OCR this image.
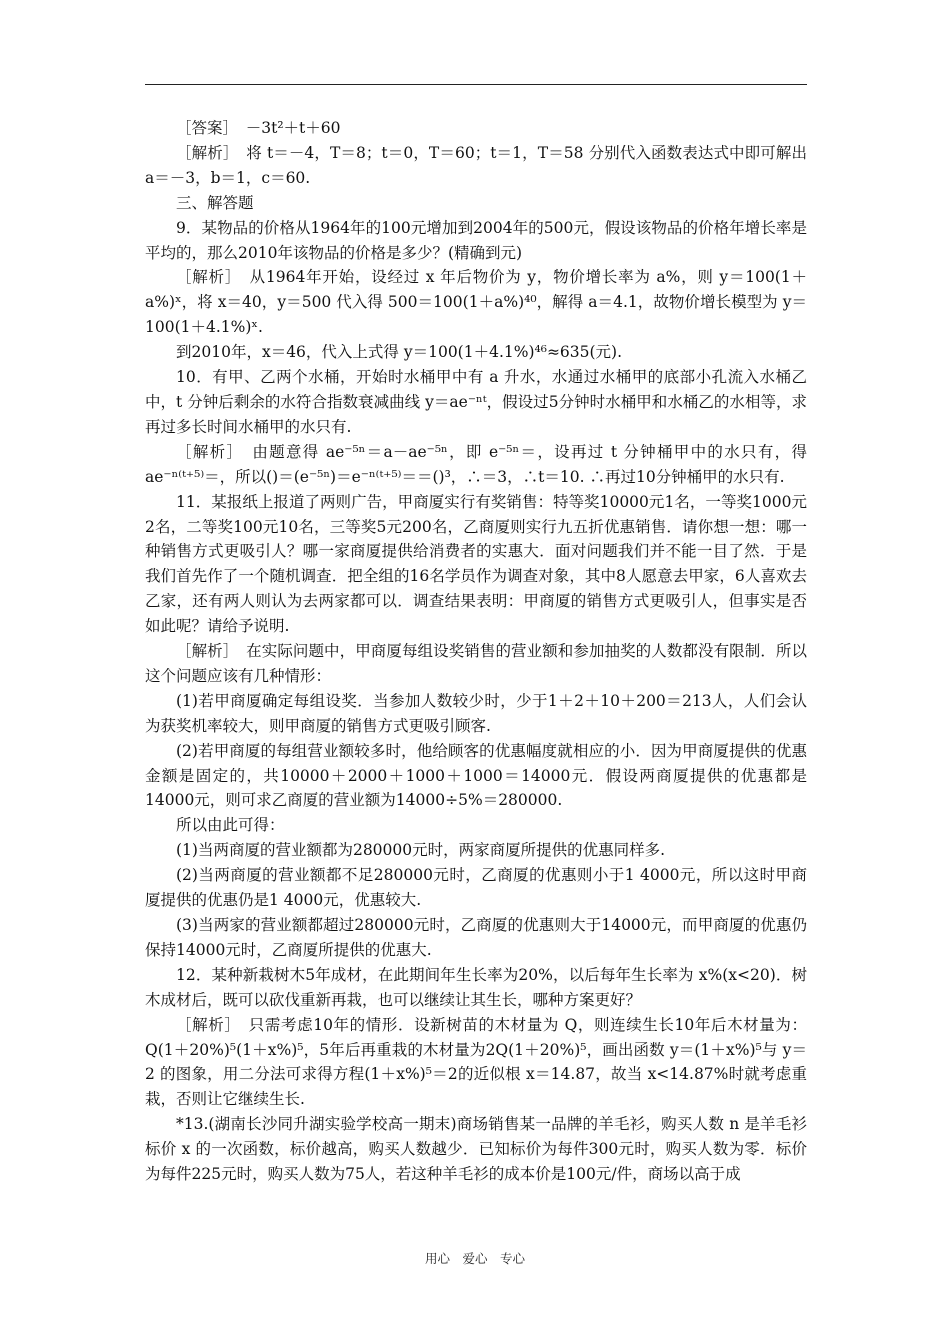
［答案］　－3t²＋t＋60

［解析］　将 t＝－4，T＝8；t＝0，T＝60；t＝1，T＝58 分别代入函数表达式中即可解出 a＝－3，b＝1，c＝60.

三、解答题

9．某物品的价格从1964年的100元增加到2004年的500元，假设该物品的价格年增长率是平均的，那么2010年该物品的价格是多少？(精确到元)

［解析］　从1964年开始，设经过 x 年后物价为 y，物价增长率为 a%，则 y＝100(1＋a%)ˣ，将 x＝40，y＝500 代入得 500＝100(1＋a%)⁴⁰，解得 a＝4.1，故物价增长模型为 y＝100(1＋4.1%)ˣ.

到2010年，x＝46，代入上式得 y＝100(1＋4.1%)⁴⁶≈635(元).

10．有甲、乙两个水桶，开始时水桶甲中有 a 升水，水通过水桶甲的底部小孔流入水桶乙中，t 分钟后剩余的水符合指数衰减曲线 y＝ae⁻ⁿᵗ，假设过5分钟时水桶甲和水桶乙的水相等，求再过多长时间水桶甲的水只有.

［解析］　由题意得 ae⁻⁵ⁿ＝a－ae⁻⁵ⁿ，即 e⁻⁵ⁿ＝，设再过 t 分钟桶甲中的水只有，得 ae⁻ⁿ⁽ᵗ⁺⁵⁾＝，所以()＝(e⁻⁵ⁿ)＝e⁻ⁿ⁽ᵗ⁺⁵⁾＝＝()³，∴＝3，∴t＝10. ∴再过10分钟桶甲的水只有.

11．某报纸上报道了两则广告，甲商厦实行有奖销售：特等奖10000元1名，一等奖1000元2名，二等奖100元10名，三等奖5元200名，乙商厦则实行九五折优惠销售．请你想一想：哪一种销售方式更吸引人？哪一家商厦提供给消费者的实惠大．面对问题我们并不能一目了然．于是我们首先作了一个随机调查．把全组的16名学员作为调查对象，其中8人愿意去甲家，6人喜欢去乙家，还有两人则认为去两家都可以．调查结果表明：甲商厦的销售方式更吸引人，但事实是否如此呢？请给予说明.

［解析］　在实际问题中，甲商厦每组设奖销售的营业额和参加抽奖的人数都没有限制．所以这个问题应该有几种情形：

(1)若甲商厦确定每组设奖．当参加人数较少时，少于1＋2＋10＋200＝213人，人们会认为获奖机率较大，则甲商厦的销售方式更吸引顾客.

(2)若甲商厦的每组营业额较多时，他给顾客的优惠幅度就相应的小．因为甲商厦提供的优惠金额是固定的，共10000＋2000＋1000＋1000＝14000元．假设两商厦提供的优惠都是14000元，则可求乙商厦的营业额为14000÷5%＝280000.

所以由此可得：

(1)当两商厦的营业额都为280000元时，两家商厦所提供的优惠同样多.

(2)当两商厦的营业额都不足280000元时，乙商厦的优惠则小于1 4000元，所以这时甲商厦提供的优惠仍是1 4000元，优惠较大.

(3)当两家的营业额都超过280000元时，乙商厦的优惠则大于14000元，而甲商厦的优惠仍保持14000元时，乙商厦所提供的优惠大.

12．某种新栽树木5年成材，在此期间年生长率为20%，以后每年生长率为 x%(x<20)．树木成材后，既可以砍伐重新再栽，也可以继续让其生长，哪种方案更好？

［解析］　只需考虑10年的情形．设新树苗的木材量为 Q，则连续生长10年后木材量为：Q(1＋20%)⁵(1＋x%)⁵，5年后再重栽的木材量为2Q(1＋20%)⁵，画出函数 y＝(1＋x%)⁵与 y＝2 的图象，用二分法可求得方程(1＋x%)⁵＝2的近似根 x＝14.87，故当 x<14.87%时就考虑重栽，否则让它继续生长.

*13.(湖南长沙同升湖实验学校高一期末)商场销售某一品牌的羊毛衫，购买人数 n 是羊毛衫标价 x 的一次函数，标价越高，购买人数越少．已知标价为每件300元时，购买人数为零．标价为每件225元时，购买人数为75人，若这种羊毛衫的成本价是100元/件，商场以高于成

用心　爱心　专心
